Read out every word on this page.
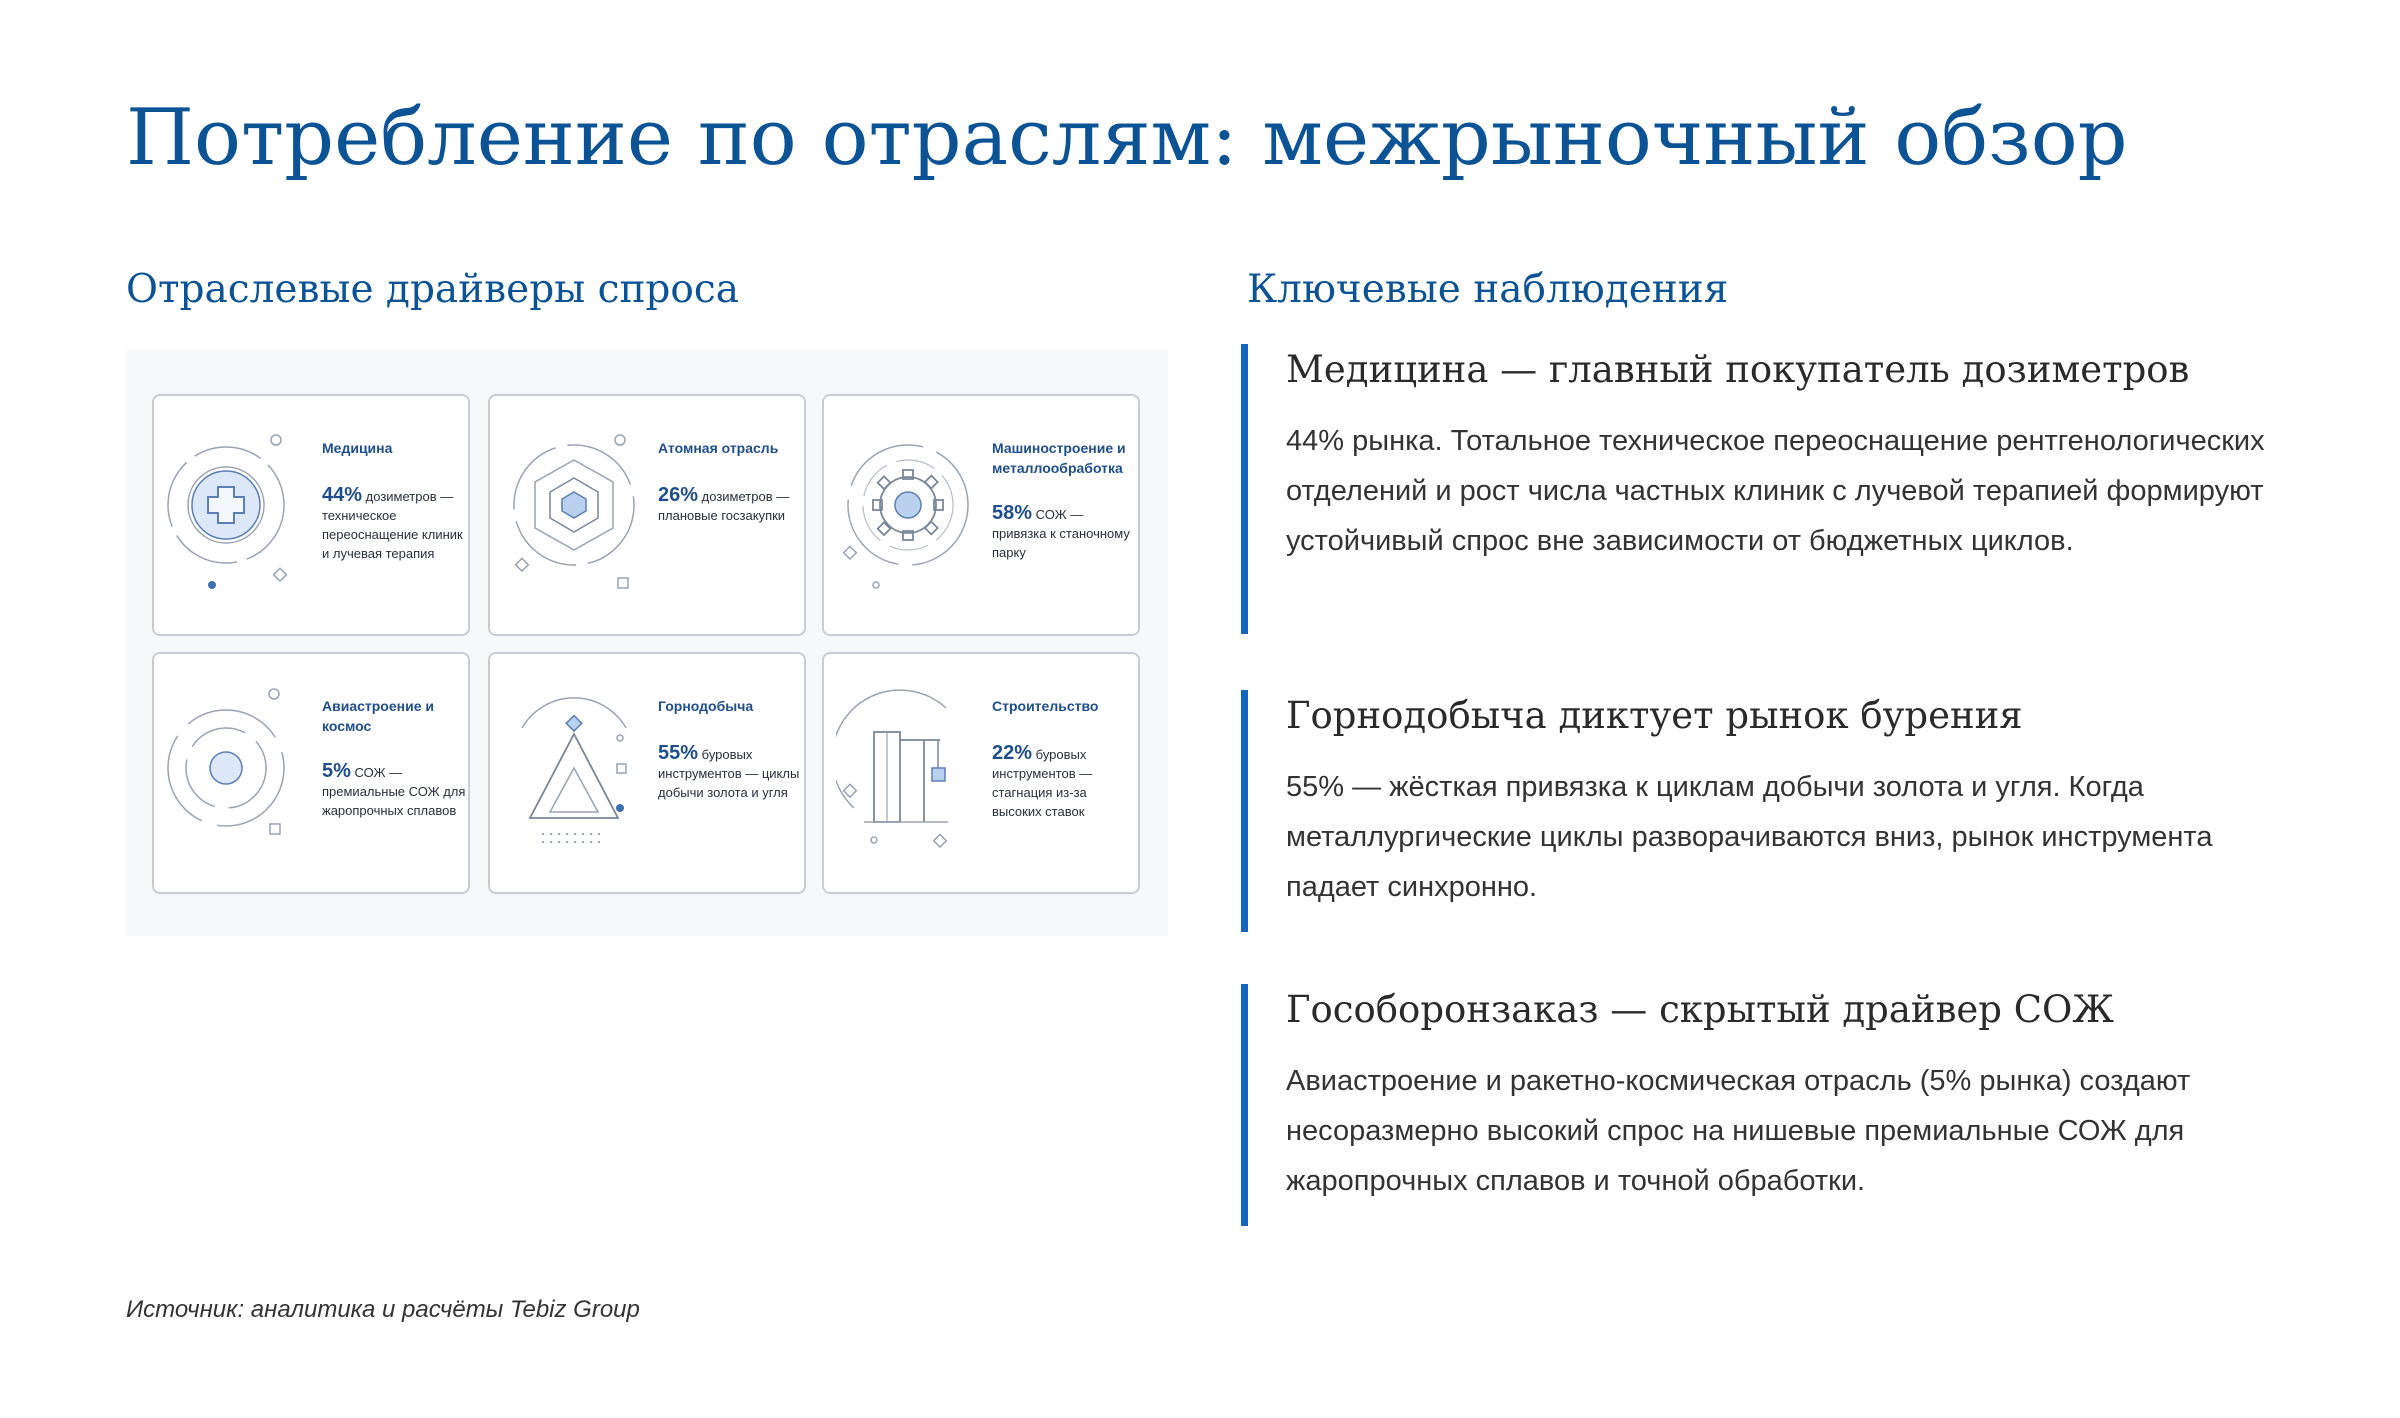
Потребление по отраслям: межрыночный обзор
Отраслевые драйверы спроса	Ключевые наблюдения
Медицина
44% дозиметров — техническое переоснащение клиник и лучевая терапия
Атомная отрасль
26% дозиметров — плановые госзакупки
Машиностроение и металлообработка
58% СОЖ — привязка к станочному парку
Авиастроение и космос
5% СОЖ — премиальные СОЖ для жаропрочных сплавов
Горнодобыча
55% буровых инструментов — циклы добычи золота и угля
Строительство
22% буровых инструментов — стагнация из-за высоких ставок
Медицина — главный покупатель дозиметров

44% рынка. Тотальное техническое переоснащение рентгенологических отделений и рост числа частных клиник с лучевой терапией формируют устойчивый спрос вне зависимости от бюджетных циклов.

Горнодобыча диктует рынок бурения

55% — жёсткая привязка к циклам добычи золота и угля. Когда металлургические циклы разворачиваются вниз, рынок инструмента падает синхронно.

Гособоронзаказ — скрытый драйвер СОЖ

Авиастроение и ракетно-космическая отрасль (5% рынка) создают несоразмерно высокий спрос на нишевые премиальные СОЖ для жаропрочных сплавов и точной обработки.

Источник: аналитика и расчёты Tebiz Group
